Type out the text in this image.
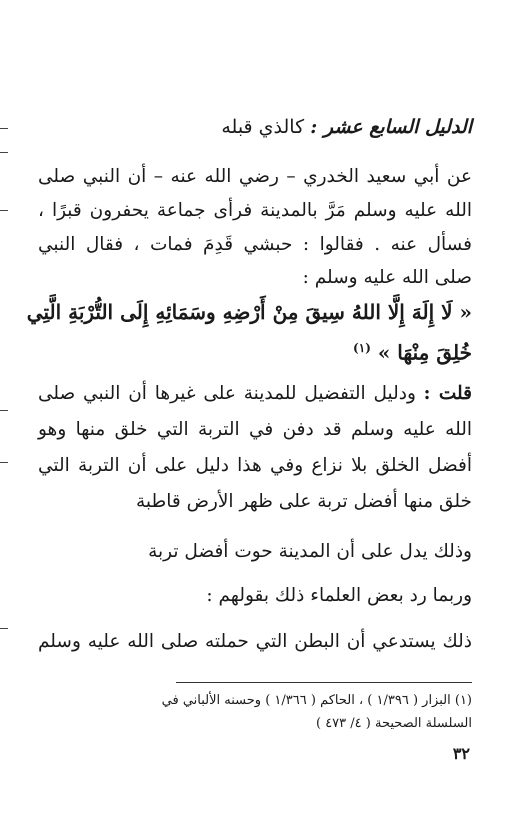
الدليل السابع عشر : كالذي قبله
عن أبي سعيد الخدري – رضي الله عنه – أن النبي صلى
الله عليه وسلم مَرَّ بالمدينة فرأى جماعة يحفرون قبرًا ،
فسأل عنه . فقالوا : حبشي قَدِمَ فمات ، فقال النبي
صلى الله عليه وسلم :
« لَا إِلَهَ إِلَّا اللهُ سِيقَ مِنْ أَرْضِهِ وسَمَائِهِ إِلَى التُّرْبَةِ الَّتِي
خُلِقَ مِنْهَا » $^{(١)}$
قلت : ودليل التفضيل للمدينة على غيرها أن النبي صلى
الله عليه وسلم قد دفن في التربة التي خلق منها وهو
أفضل الخلق بلا نزاع وفي هذا دليل على أن التربة التي
خلق منها أفضل تربة على ظهر الأرض قاطبة
وذلك يدل على أن المدينة حوت أفضل تربة
وربما رد بعض العلماء ذلك بقولهم :
ذلك يستدعي أن البطن التي حملته صلى الله عليه وسلم
(١) البزار ( ١/٣٩٦ ) ، الحاكم ( ١/٣٦٦ ) وحسنه الألباني في
السلسلة الصحيحة ( ٤/ ٤٧٣ )
٣٢
